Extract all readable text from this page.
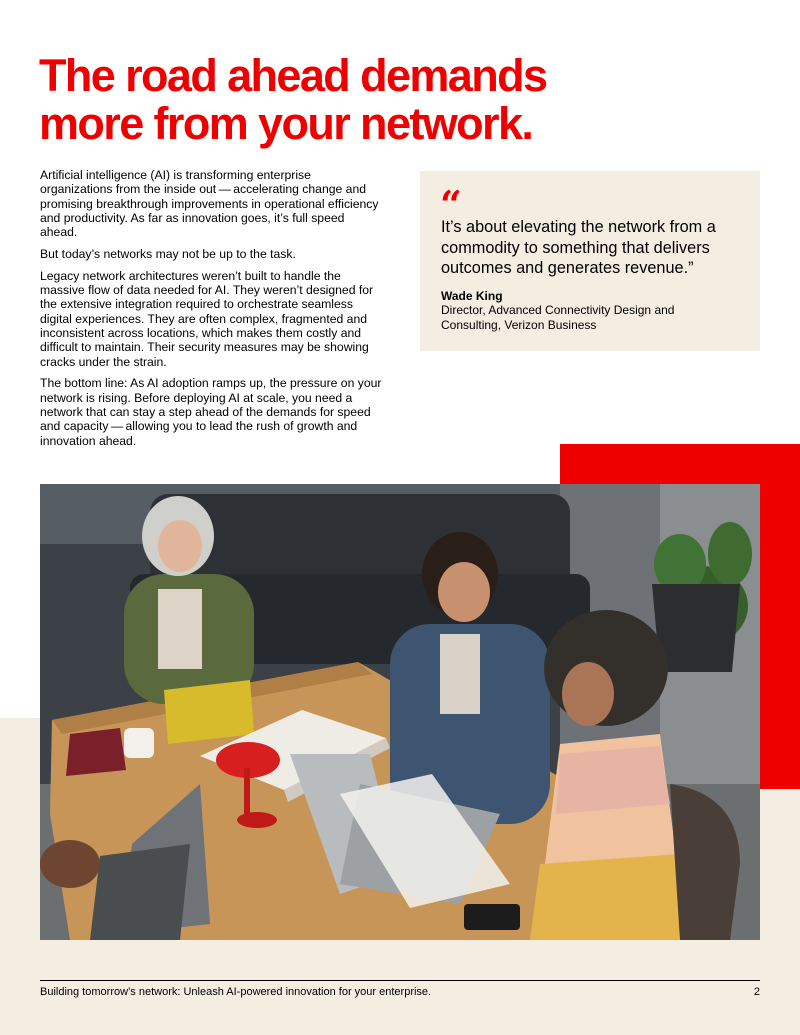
The road ahead demands
more from your network.

Artificial intelligence (AI) is transforming enterprise organizations from the inside out — accelerating change and promising breakthrough improvements in operational efficiency and productivity. As far as innovation goes, it’s full speed ahead.

But today’s networks may not be up to the task.

Legacy network architectures weren’t built to handle the massive flow of data needed for AI. They weren’t designed for the extensive integration required to orchestrate seamless digital experiences. They are often complex, fragmented and inconsistent across locations, which makes them costly and difficult to maintain. Their security measures may be showing cracks under the strain.

The bottom line: As AI adoption ramps up, the pressure on your network is rising. Before deploying AI at scale, you need a network that can stay a step ahead of the demands for speed and capacity — allowing you to lead the rush of growth and innovation ahead.

“

It’s about elevating the network from a commodity to something that delivers outcomes and generates revenue.”

Wade King
Director, Advanced Connectivity Design and Consulting, Verizon Business
Building tomorrow’s network: Unleash AI-powered innovation for your enterprise.	2
